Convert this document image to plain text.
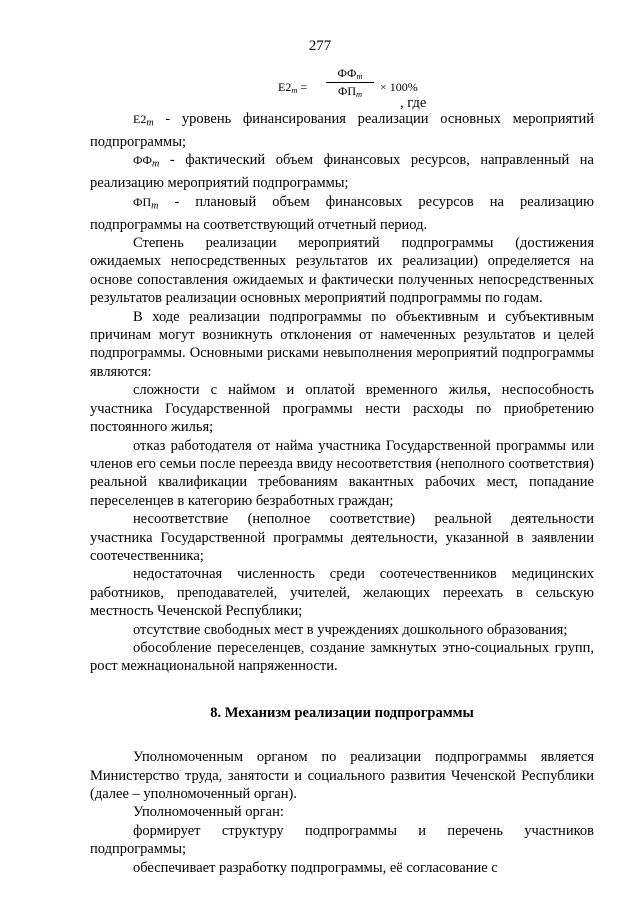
277
$E2_m$ =
$ФФ_m$
$ФП_m$
× 100%
, где

$E2_m$ - уровень финансирования реализации основных мероприятий подпрограммы;

$ФФ_m$ - фактический объем финансовых ресурсов, направленный на реализацию мероприятий подпрограммы;

$ФП_m$ - плановый объем финансовых ресурсов на реализацию подпрограммы на соответствующий отчетный период.

Степень реализации мероприятий подпрограммы (достижения ожидаемых непосредственных результатов их реализации) определяется на основе сопоставления ожидаемых и фактически полученных непосредственных результатов реализации основных мероприятий подпрограммы по годам.

В ходе реализации подпрограммы по объективным и субъективным причинам могут возникнуть отклонения от намеченных результатов и целей подпрограммы. Основными рисками невыполнения мероприятий подпрограммы являются:

сложности с наймом и оплатой временного жилья, неспособность участника Государственной программы нести расходы по приобретению постоянного жилья;

отказ работодателя от найма участника Государственной программы или членов его семьи после переезда ввиду несоответствия (неполного соответствия) реальной квалификации требованиям вакантных рабочих мест, попадание переселенцев в категорию безработных граждан;

несоответствие (неполное соответствие) реальной деятельности участника Государственной программы деятельности, указанной в заявлении соотечественника;

недостаточная численность среди соотечественников медицинских работников, преподавателей, учителей, желающих переехать в сельскую местность Чеченской Республики;

отсутствие свободных мест в учреждениях дошкольного образования;

обособление переселенцев, создание замкнутых этно-социальных групп, рост межнациональной напряженности.

8. Механизм реализации подпрограммы

Уполномоченным органом по реализации подпрограммы является Министерство труда, занятости и социального развития Чеченской Республики (далее – уполномоченный орган).

Уполномоченный орган:

формирует структуру подпрограммы и перечень участников подпрограммы;

обеспечивает разработку подпрограммы, её согласование с
